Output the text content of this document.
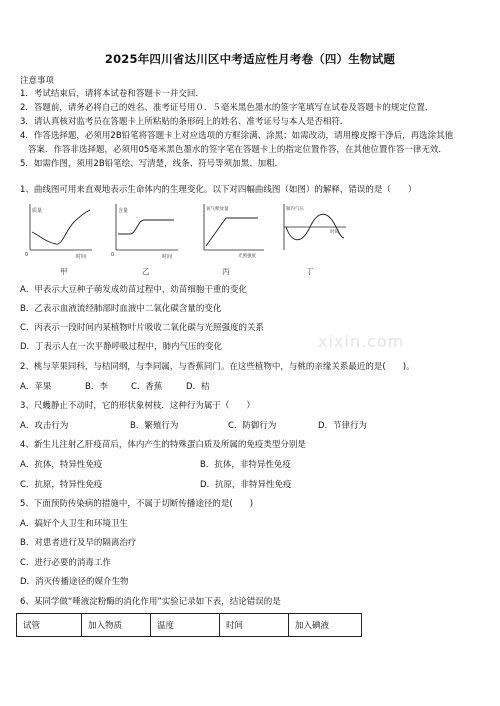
2025年四川省达川区中考适应性月考卷（四）生物试题
注意事项
1．考试结束后，请将本试卷和答题卡一并交回．
2．答题前，请务必将自己的姓名、准考证号用０．５毫米黑色墨水的签字笔填写在试卷及答题卡的规定位置．
3．请认真核对监考员在答题卡上所粘贴的条形码上的姓名、准考证号与本人是否相符．
4．作答选择题，必须用2B铅笔将答题卡上对应选项的方框涂满、涂黑；如需改动，请用橡皮擦干净后，再选涂其他
答案．作答非选择题，必须用05毫米黑色墨水的签字笔在答题卡上的指定位置作答，在其他位置作答一律无效．
5．如需作图，须用2B铅笔绘、写清楚，线条、符号等须加黑、加粗．
1、曲线图可用来直观地表示生命体内的生理变化。以下对四幅曲线图（如图）的解释，错误的是（　　）
质量
0	时间
含量
0	时间
氧气释放量
光照强度
肺内气压
时间
甲	乙	丙	丁
A．甲表示大豆种子萌发成幼苗过程中，幼苗细胞干重的变化
B．乙表示血液流经肺部时血液中二氧化碳含量的变化
C．丙表示一段时间内某植物叶片吸收二氧化碳与光照强度的关系
D．丁表示人在一次平静呼吸过程中，肺内气压的变化	xixin.com
2、桃与苹果同科，与桔同纲，与李同属，与香蕉同门。在这些植物中，与桃的亲缘关系最近的是(　　)。
A．苹果	B．李	C．香蕉	D．桔
3、尺蠖静止不动时，它的形状象树枝．这种行为属于（　　）
A．攻击行为	B．繁殖行为	C．防御行为	D．节律行为
4、新生儿注射乙肝疫苗后，体内产生的特殊蛋白质及所属的免疫类型分别是
A．抗体，特异性免疫	B．抗体，非特异性免疫
C．抗原，特异性免疫	D．抗原，非特异性免疫
5、下面预防传染病的措施中，不属于切断传播途径的是(　　)
A．搞好个人卫生和环境卫生
B．对患者进行及早的隔离治疗
C．进行必要的消毒工作
D．消灭传播途径的媒介生物
6、某同学做“唾液淀粉酶的消化作用”实验记录如下表，结论错误的是
试管	加入物质	温度	时间	加入碘液
